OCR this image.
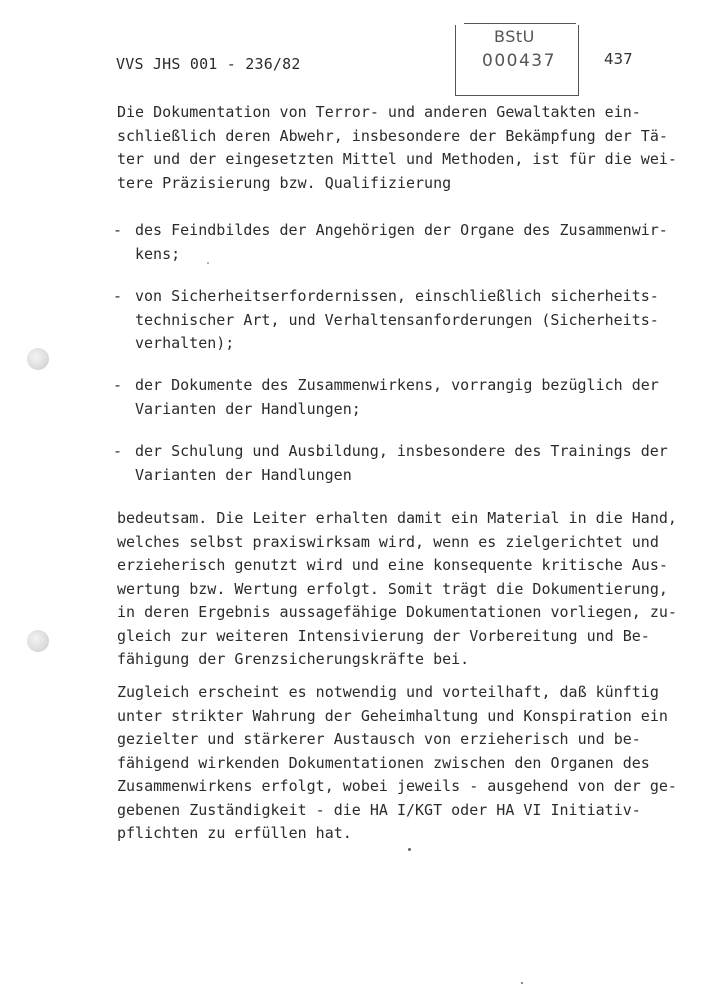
VVS JHS 001 - 236/82
BStU
000437	437

Die Dokumentation von Terror- und anderen Gewaltakten ein-
schließlich deren Abwehr, insbesondere der Bekämpfung der Tä-
ter und der eingesetzten Mittel und Methoden, ist für die wei-
tere Präzisierung bzw. Qualifizierung

- des Feindbildes der Angehörigen der Organe des Zusammenwir-
kens;

- von Sicherheitserfordernissen, einschließlich sicherheits-
technischer Art, und Verhaltensanforderungen (Sicherheits-
verhalten);

- der Dokumente des Zusammenwirkens, vorrangig bezüglich der
Varianten der Handlungen;

- der Schulung und Ausbildung, insbesondere des Trainings der
Varianten der Handlungen

bedeutsam. Die Leiter erhalten damit ein Material in die Hand,
welches selbst praxiswirksam wird, wenn es zielgerichtet und
erzieherisch genutzt wird und eine konsequente kritische Aus-
wertung bzw. Wertung erfolgt. Somit trägt die Dokumentierung,
in deren Ergebnis aussagefähige Dokumentationen vorliegen, zu-
gleich zur weiteren Intensivierung der Vorbereitung und Be-
fähigung der Grenzsicherungskräfte bei.

Zugleich erscheint es notwendig und vorteilhaft, daß künftig
unter strikter Wahrung der Geheimhaltung und Konspiration ein
gezielter und stärkerer Austausch von erzieherisch und be-
fähigend wirkenden Dokumentationen zwischen den Organen des
Zusammenwirkens erfolgt, wobei jeweils - ausgehend von der ge-
gebenen Zuständigkeit - die HA I/KGT oder HA VI Initiativ-
pflichten zu erfüllen hat.
